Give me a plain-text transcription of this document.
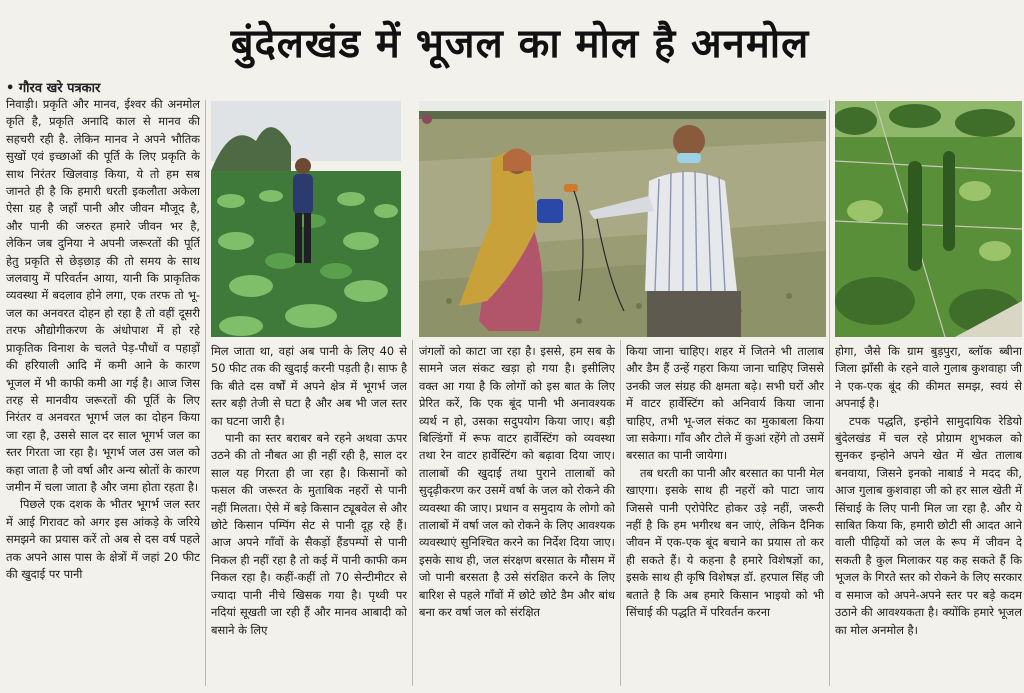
बुंदेलखंड में भूजल का मोल है अनमोल
• गौरव खरे पत्रकार

निवाड़ी। प्रकृति और मानव, ईश्वर की अनमोल कृति है, प्रकृति अनादि काल से मानव की सहचरी रही है. लेकिन मानव ने अपने भौतिक सुखों एवं इच्छाओं की पूर्ति के लिए प्रकृति के साथ निरंतर खिलवाड़ किया, ये तो हम सब जानते ही है कि हमारी धरती इकलौता अकेला ऐसा ग्रह है जहाँ पानी और जीवन मौजूद है, और पानी की जरुरत हमारे जीवन भर है, लेकिन जब दुनिया ने अपनी जरूरतों की पूर्ति हेतु प्रकृति से छेड़छाड़ की तो समय के साथ जलवायु में परिवर्तन आया, यानी कि प्राकृतिक व्यवस्था में बदलाव होने लगा, एक तरफ तो भू-जल का अनवरत दोहन हो रहा है तो वहीं दूसरी तरफ औद्योगीकरण के अंधोपाश में हो रहे प्राकृतिक विनाश के चलते पेड़-पौधों व पहाड़ों की हरियाली आदि में कमी आने के कारण भूजल में भी काफी कमी आ गई है। आज जिस तरह से मानवीय जरूरतों की पूर्ति के लिए निरंतर व अनवरत भूगर्भ जल का दोहन किया जा रहा है, उससे साल दर साल भूगर्भ जल का स्तर गिरता जा रहा है। भूगर्भ जल उस जल को कहा जाता है जो वर्षा और अन्य स्रोतों के कारण जमीन में चला जाता है और जमा होता रहता है।

पिछले एक दशक के भीतर भूगर्भ जल स्तर में आई गिरावट को अगर इस आंकड़े के जरिये समझने का प्रयास करें तो अब से दस वर्ष पहले तक अपने आस पास के क्षेत्रों में जहां 20 फीट की खुदाई पर पानी

मिल जाता था, वहां अब पानी के लिए 40 से 50 फीट तक की खुदाई करनी पड़ती है। साफ है कि बीते दस वर्षों में अपने क्षेत्र में भूगर्भ जल स्तर बड़ी तेजी से घटा है और अब भी जल स्तर का घटना जारी है।

पानी का स्तर बराबर बने रहने अथवा ऊपर उठने की तो नौबत आ ही नहीं रही है, साल दर साल यह गिरता ही जा रहा है। किसानों को फसल की जरूरत के मुताबिक नहरों से पानी नहीं मिलता। ऐसे में बड़े किसान ट्यूबवेल से और छोटे किसान पम्पिंग सेट से पानी दूह रहे हैं। आज अपने गाँवों के सैकड़ों हैंडपम्पों से पानी निकल ही नहीं रहा है तो कई में पानी काफी कम निकल रहा है। कहीं-कहीं तो 70 सेन्टीमीटर से ज्यादा पानी नीचे खिसक गया है। पृथ्वी पर नदियां सूखती जा रही हैं और मानव आबादी को बसाने के लिए

जंगलों को काटा जा रहा है। इससे, हम सब के सामने जल संकट खड़ा हो गया है। इसीलिए वक्त आ गया है कि लोगों को इस बात के लिए प्रेरित करें, कि एक बूंद पानी भी अनावश्यक व्यर्थ न हो, उसका सदुपयोग किया जाए। बड़ी बिल्डिंगों में रूफ वाटर हार्वेस्टिंग को व्यवस्था तथा रेन वाटर हार्वेस्टिंग को बढ़ावा दिया जाए। तालाबों की खुदाई तथा पुराने तालाबों को सुदृढ़ीकरण कर उसमें वर्षा के जल को रोकने की व्यवस्था की जाए। प्रधान व समुदाय के लोगो को तालाबों में वर्षा जल को रोकने के लिए आवश्यक व्यवस्थाएं सुनिश्चित करने का निर्देश दिया जाए। इसके साथ ही, जल संरक्षण बरसात के मौसम में जो पानी बरसता है उसे संरक्षित करने के लिए बारिश से पहले गाँवों में छोटे छोटे डैम और बांध बना कर वर्षा जल को संरक्षित

किया जाना चाहिए। शहर में जितने भी तालाब और डैम हैं उन्हें गहरा किया जाना चाहिए जिससे उनकी जल संग्रह की क्षमता बढ़े। सभी घरों और में वाटर हार्वेस्टिंग को अनिवार्य किया जाना चाहिए, तभी भू-जल संकट का मुकाबला किया जा सकेगा। गाँव और टोले में कुआं रहेंगे तो उसमें बरसात का पानी जायेगा।

तब धरती का पानी और बरसात का पानी मेल खाएगा। इसके साथ ही नहरों को पाटा जाय जिससे पानी एरोपेरिट होकर उड़े नहीं, जरूरी नहीं है कि हम भगीरथ बन जाएं, लेकिन दैनिक जीवन में एक-एक बूंद बचाने का प्रयास तो कर ही सकते हैं। ये कहना है हमारे विशेषज्ञों का, इसके साथ ही कृषि विशेषज्ञ डॉ. हरपाल सिंह जी बताते है कि अब हमारे किसान भाइयो को भी सिंचाई की पद्धति में परिवर्तन करना

होगा, जैसे कि ग्राम बुड़पुरा, ब्लॉक ब्बीना जिला झाँसी के रहने वाले गुलाब कुशवाहा जी ने एक-एक बूंद की कीमत समझ, स्वयं से अपनाई है।

टपक पद्धति, इन्होने सामुदायिक रेडियो बुंदेलखंड में चल रहे प्रोग्राम शुभकल को सुनकर इन्होने अपने खेत में खेत तालाब बनवाया, जिसने इनको नाबार्ड ने मदद की, आज गुलाब कुशवाहा जी को हर साल खेती में सिंचाई के लिए पानी मिल जा रहा है. और ये साबित किया कि, हमारी छोटी सी आदत आने वाली पीढ़ियों को जल के रूप में जीवन दे सकती है कुल मिलाकर यह कह सकते हैं कि भूजल के गिरते स्तर को रोकने के लिए सरकार व समाज को अपने-अपने स्तर पर बड़े कदम उठाने की आवश्यकता है। क्योंकि हमारे भूजल का मोल अनमोल है।
